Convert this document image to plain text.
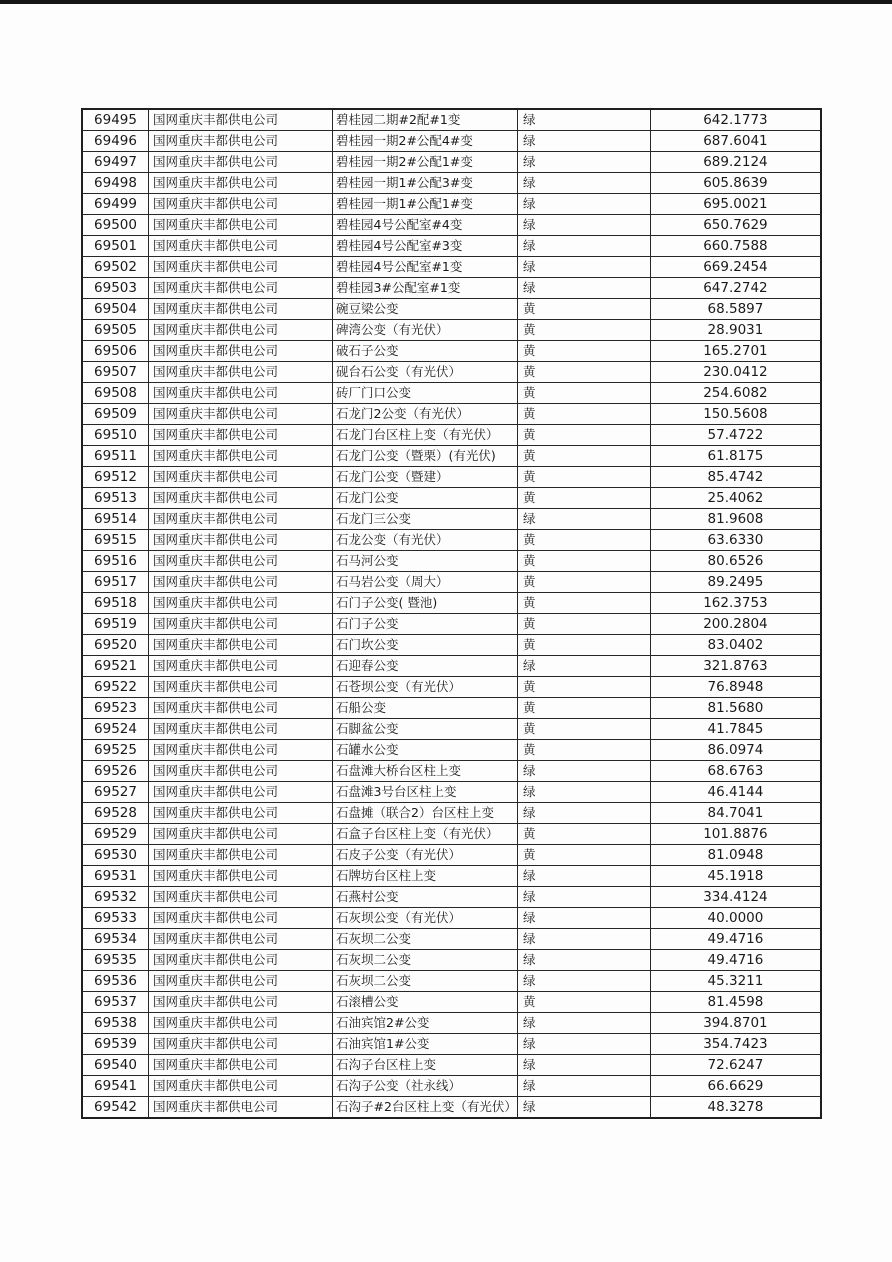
69495	国网重庆丰都供电公司	碧桂园二期#2配#1变	绿	642.1773
69496	国网重庆丰都供电公司	碧桂园一期2#公配4#变	绿	687.6041
69497	国网重庆丰都供电公司	碧桂园一期2#公配1#变	绿	689.2124
69498	国网重庆丰都供电公司	碧桂园一期1#公配3#变	绿	605.8639
69499	国网重庆丰都供电公司	碧桂园一期1#公配1#变	绿	695.0021
69500	国网重庆丰都供电公司	碧桂园4号公配室#4变	绿	650.7629
69501	国网重庆丰都供电公司	碧桂园4号公配室#3变	绿	660.7588
69502	国网重庆丰都供电公司	碧桂园4号公配室#1变	绿	669.2454
69503	国网重庆丰都供电公司	碧桂园3#公配室#1变	绿	647.2742
69504	国网重庆丰都供电公司	碗豆梁公变	黄	68.5897
69505	国网重庆丰都供电公司	碑湾公变（有光伏）	黄	28.9031
69506	国网重庆丰都供电公司	破石子公变	黄	165.2701
69507	国网重庆丰都供电公司	砚台石公变（有光伏）	黄	230.0412
69508	国网重庆丰都供电公司	砖厂门口公变	黄	254.6082
69509	国网重庆丰都供电公司	石龙门2公变（有光伏）	黄	150.5608
69510	国网重庆丰都供电公司	石龙门台区柱上变（有光伏）	黄	57.4722
69511	国网重庆丰都供电公司	石龙门公变（暨栗）(有光伏)	黄	61.8175
69512	国网重庆丰都供电公司	石龙门公变（暨建）	黄	85.4742
69513	国网重庆丰都供电公司	石龙门公变	黄	25.4062
69514	国网重庆丰都供电公司	石龙门三公变	绿	81.9608
69515	国网重庆丰都供电公司	石龙公变（有光伏）	黄	63.6330
69516	国网重庆丰都供电公司	石马河公变	黄	80.6526
69517	国网重庆丰都供电公司	石马岩公变（周大）	黄	89.2495
69518	国网重庆丰都供电公司	石门子公变( 暨池)	黄	162.3753
69519	国网重庆丰都供电公司	石门子公变	黄	200.2804
69520	国网重庆丰都供电公司	石门坎公变	黄	83.0402
69521	国网重庆丰都供电公司	石迎春公变	绿	321.8763
69522	国网重庆丰都供电公司	石苍坝公变（有光伏）	黄	76.8948
69523	国网重庆丰都供电公司	石船公变	黄	81.5680
69524	国网重庆丰都供电公司	石脚盆公变	黄	41.7845
69525	国网重庆丰都供电公司	石罐水公变	黄	86.0974
69526	国网重庆丰都供电公司	石盘滩大桥台区柱上变	绿	68.6763
69527	国网重庆丰都供电公司	石盘滩3号台区柱上变	绿	46.4144
69528	国网重庆丰都供电公司	石盘摊（联合2）台区柱上变	绿	84.7041
69529	国网重庆丰都供电公司	石盒子台区柱上变（有光伏）	黄	101.8876
69530	国网重庆丰都供电公司	石皮子公变（有光伏）	黄	81.0948
69531	国网重庆丰都供电公司	石牌坊台区柱上变	绿	45.1918
69532	国网重庆丰都供电公司	石燕村公变	绿	334.4124
69533	国网重庆丰都供电公司	石灰坝公变（有光伏）	绿	40.0000
69534	国网重庆丰都供电公司	石灰坝二公变	绿	49.4716
69535	国网重庆丰都供电公司	石灰坝二公变	绿	49.4716
69536	国网重庆丰都供电公司	石灰坝二公变	绿	45.3211
69537	国网重庆丰都供电公司	石滚槽公变	黄	81.4598
69538	国网重庆丰都供电公司	石油宾馆2#公变	绿	394.8701
69539	国网重庆丰都供电公司	石油宾馆1#公变	绿	354.7423
69540	国网重庆丰都供电公司	石沟子台区柱上变	绿	72.6247
69541	国网重庆丰都供电公司	石沟子公变（社永线）	绿	66.6629
69542	国网重庆丰都供电公司	石沟子#2台区柱上变（有光伏）	绿	48.3278
